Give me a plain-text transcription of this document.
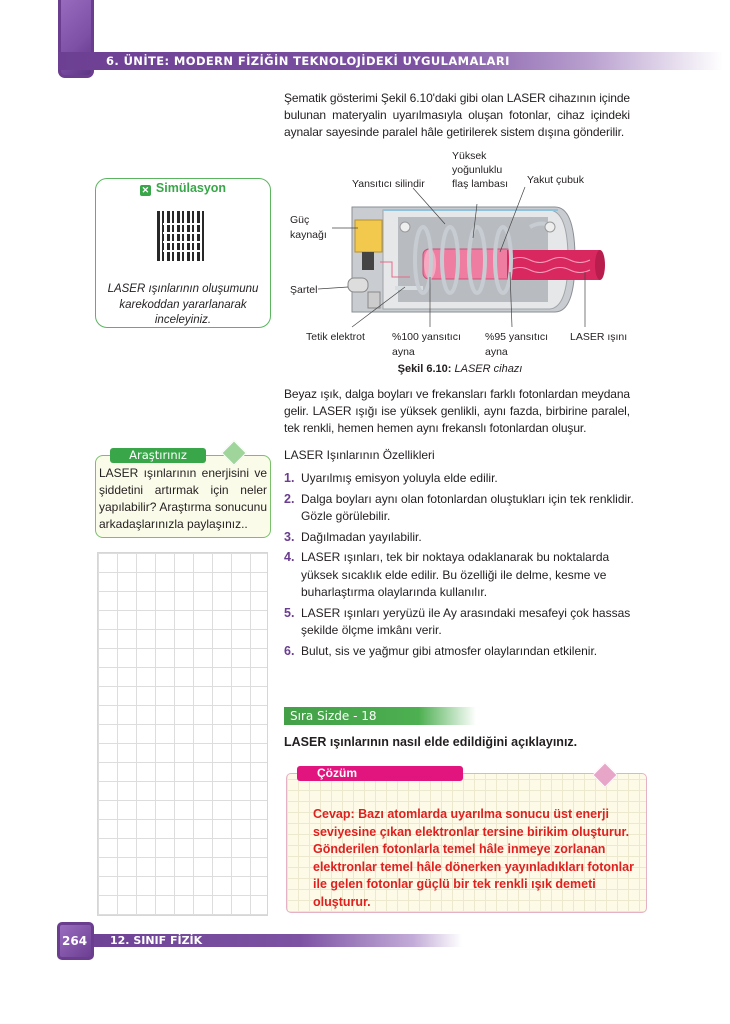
6. ÜNİTE: MODERN FİZİĞİN TEKNOLOJİDEKİ UYGULAMALARI

Şematik gösterimi Şekil 6.10'daki gibi olan LASER cihazının içinde bulunan materyalin uyarılmasıyla oluşan fotonlar, cihaz içindeki aynalar sayesinde paralel hâle getirilerek sistem dışına gönderilir.

✕ Simülasyon
LASER ışınlarının oluşumunu karekoddan yararlanarak inceleyiniz.
Yüksek
yoğunluklu
flaş lambası
Yansıtıcı silindir	Yakut çubuk
Güç
kaynağı
Şartel
Tetik elektrot	%100 yansıtıcı
ayna
%95 yansıtıcı
ayna
LASER ışını
Şekil 6.10: LASER cihazı

Beyaz ışık, dalga boyları ve frekansları farklı fotonlardan meydana gelir. LASER ışığı ise yüksek genlikli, aynı fazda, birbirine paralel, tek renkli, hemen hemen aynı frekanslı fotonlardan oluşur.

LASER ışınlarının enerjisini ve şiddetini artırmak için neler yapılabilir? Araştırma sonucunu arkadaşlarınızla paylaşınız..

Araştırınız	LASER Işınlarının Özellikleri
1. Uyarılmış emisyon yoluyla elde edilir.
2. Dalga boyları aynı olan fotonlardan oluştukları için tek renklidir. Gözle görülebilir.
3. Dağılmadan yayılabilir.
4. LASER ışınları, tek bir noktaya odaklanarak bu noktalarda yüksek sıcaklık elde edilir. Bu özelliği ile delme, kesme ve buharlaştırma olaylarında kullanılır.
5. LASER ışınları yeryüzü ile Ay arasındaki mesafeyi çok hassas şekilde ölçme imkânı verir.
6. Bulut, sis ve yağmur gibi atmosfer olaylarından etkilenir.
Sıra Sizde - 18
LASER ışınlarının nasıl elde edildiğini açıklayınız.
Çözüm

Cevap: Bazı atomlarda uyarılma sonucu üst enerji seviyesine çıkan elektronlar tersine birikim oluşturur. Gönderilen fotonlarla temel hâle inmeye zorlanan elektronlar temel hâle dönerken yayınladıkları fotonlar ile gelen fotonlar güçlü bir tek renkli ışık demeti oluşturur.

264 12. SINIF FİZİK
